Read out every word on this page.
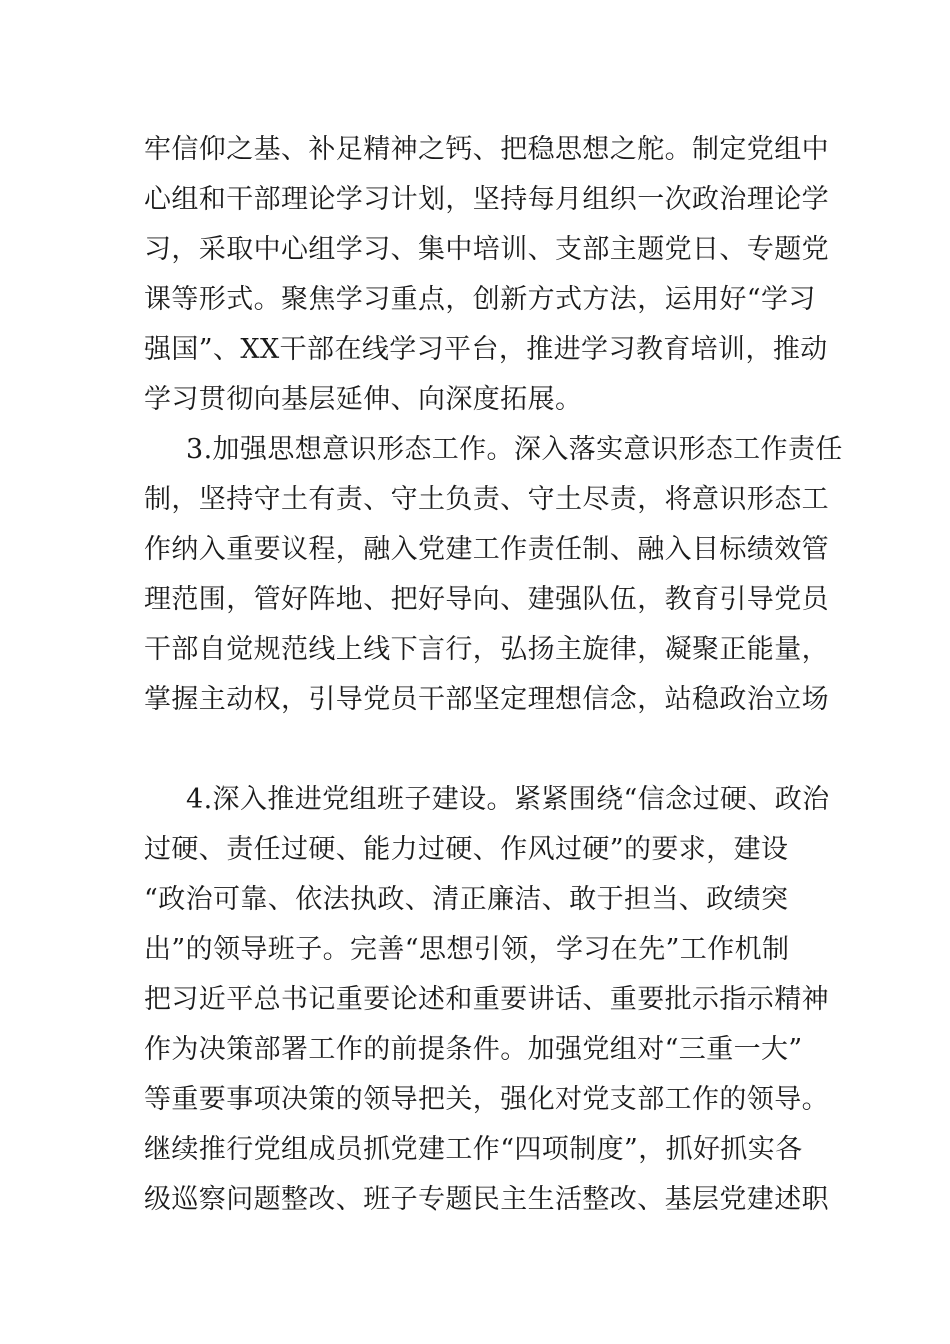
牢信仰之基、补足精神之钙、把稳思想之舵。制定党组中
心组和干部理论学习计划，坚持每月组织一次政治理论学
习，采取中心组学习、集中培训、支部主题党日、专题党
课等形式。聚焦学习重点，创新方式方法，运用好“学习
强国”、XX干部在线学习平台，推进学习教育培训，推动
学习贯彻向基层延伸、向深度拓展。
3.加强思想意识形态工作。深入落实意识形态工作责任
制，坚持守土有责、守土负责、守土尽责，将意识形态工
作纳入重要议程，融入党建工作责任制、融入目标绩效管
理范围，管好阵地、把好导向、建强队伍，教育引导党员
干部自觉规范线上线下言行，弘扬主旋律，凝聚正能量，
掌握主动权，引导党员干部坚定理想信念，站稳政治立场
4.深入推进党组班子建设。紧紧围绕“信念过硬、政治
过硬、责任过硬、能力过硬、作风过硬”的要求，建设
“政治可靠、依法执政、清正廉洁、敢于担当、政绩突
出”的领导班子。完善“思想引领，学习在先”工作机制
把习近平总书记重要论述和重要讲话、重要批示指示精神
作为决策部署工作的前提条件。加强党组对“三重一大”
等重要事项决策的领导把关，强化对党支部工作的领导。
继续推行党组成员抓党建工作“四项制度”，抓好抓实各
级巡察问题整改、班子专题民主生活整改、基层党建述职
